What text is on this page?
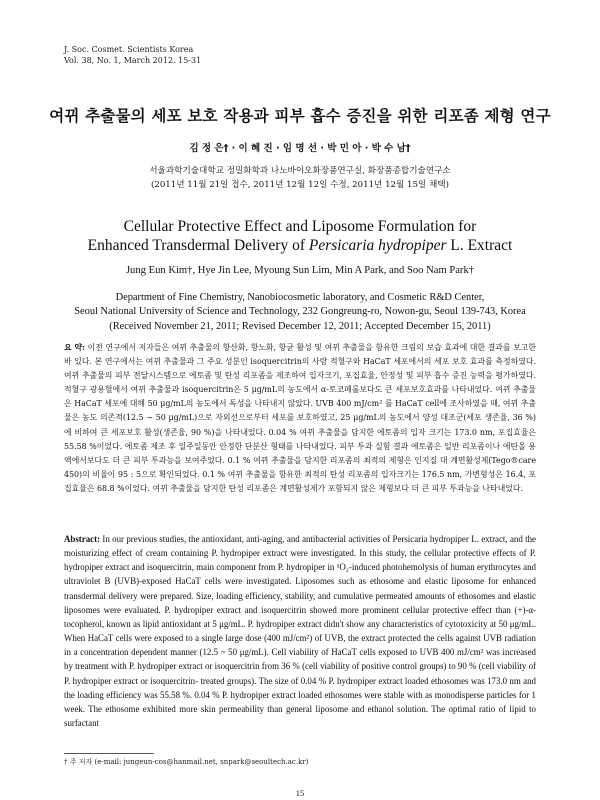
J. Soc. Cosmet. Scientists Korea
Vol. 38, No. 1, March 2012. 15-31
여뀌 추출물의 세포 보호 작용과 피부 흡수 증진을 위한 리포좀 제형 연구
김 정 은† · 이 혜 진 · 임 명 선 · 박 민 아 · 박 수 남†
서울과학기술대학교 정밀화학과 나노바이오화장품연구실, 화장품종합기술연구소
(2011년 11월 21일 접수, 2011년 12월 12일 수정, 2011년 12월 15일 채택)
Cellular Protective Effect and Liposome Formulation for
Enhanced Transdermal Delivery of Persicaria hydropiper L. Extract
Jung Eun Kim†, Hye Jin Lee, Myoung Sun Lim, Min A Park, and Soo Nam Park†
Department of Fine Chemistry, Nanobiocosmetic laboratory, and Cosmetic R&D Center,
Seoul National University of Science and Technology, 232 Gongreung-ro, Nowon-gu, Seoul 139-743, Korea
(Received November 21, 2011; Revised December 12, 2011; Accepted December 15, 2011)
요 약: 이전 연구에서 저자들은 여뀌 추출물의 항산화, 항노화, 항균 활성 및 여뀌 추출물을 함유한 크림의 보습 효과에 대한 결과를 보고한 바 있다. 본 연구에서는 여뀌 추출물과 그 주요 성분인 isoquercitrin의 사람 적혈구와 HaCaT 세포에서의 세포 보호 효과를 측정하였다. 여뀌 추출물의 피부 전달시스템으로 에토좀 및 탄성 리포좀을 제조하여 입자크기, 포집효율, 안정성 및 피부 흡수 증진 능력을 평가하였다. 적혈구 광용혈에서 여뀌 추출물과 isoquercitrin은 5 μg/mL의 농도에서 α-토코페롤보다도 큰 세포보호효과를 나타내었다. 여뀌 추출물은 HaCaT 세포에 대해 50 μg/mL의 농도에서 독성을 나타내지 않았다. UVB 400 mJ/cm² 를 HaCaT cell에 조사하였을 때, 여뀌 추출물은 농도 의존적(12.5 ~ 50 μg/mL)으로 자외선으로부터 세포를 보호하였고, 25 μg/mL의 농도에서 양성 대조군(세포 생존율, 36 %)에 비하여 큰 세포보호 활성(생존율, 90 %)을 나타내었다. 0.04 % 여뀌 추출물을 담지한 에토좀의 입자 크기는 173.0 nm, 포집효율은 55.58 %이었다. 에토좀 제조 후 일주일동안 안정한 단분산 형태를 나타내었다. 피부 투과 실험 결과 에토좀은 일반 리포좀이나 에탄올 용액에서보다도 더 큰 피부 투과능을 보여주었다. 0.1 % 여뀌 추출물을 담지한 리포좀의 최적의 제형은 인지질 대 계면활성제(Tego®care 450)의 비율이 95 : 5으로 확인되었다. 0.1 % 여뀌 추출물을 함유한 최적의 탄성 리포좀의 입자크기는 176.5 nm, 가변형성은 16.4, 포집효율은 68.8 %이었다. 여뀌 추출물을 담지한 탄성 리포좀은 계면활성제가 포함되지 않은 제형보다 더 큰 피부 투과능을 나타내었다.
Abstract: In our previous studies, the antioxidant, anti-aging, and antibacterial activities of Persicaria hydropiper L. extract, and the moisturizing effect of cream containing P. hydropiper extract were investigated. In this study, the cellular protective effects of P. hydropiper extract and isoquercitrin, main component from P. hydropiper in ¹O₂-induced photohemolysis of human erythrocytes and ultraviolet B (UVB)-exposed HaCaT cells were investigated. Liposomes such as ethosome and elastic liposome for enhanced transdermal delivery were prepared. Size, loading efficiency, stability, and cumulative permeated amounts of ethosomes and elastic liposomes were evaluated. P. hydropiper extract and isoquercitrin showed more prominent cellular protective effect than (+)-α-tocopherol, known as lipid antioxidant at 5 μg/mL. P. hydropiper extract didn't show any characteristics of cytotoxicity at 50 μg/mL. When HaCaT cells were exposed to a single large dose (400 mJ/cm²) of UVB, the extract protected the cells against UVB radiation in a concentration dependent manner (12.5 ~ 50 μg/mL). Cell viability of HaCaT cells exposed to UVB 400 mJ/cm² was increased by treatment with P. hydropiper extract or isoquercitrin from 36 % (cell viability of positive control groups) to 90 % (cell viability of P. hydropiper extract or isoquercitrin- treated groups). The size of 0.04 % P. hydropiper extract loaded ethosomes was 173.0 nm and the loading efficiency was 55.58 %. 0.04 % P. hydropiper extract loaded ethosomes were stable with as monodisperse particles for 1 week. The ethosome exhibited more skin permeability than general liposome and ethanol solution. The optimal ratio of lipid to surfactant
† 주 저자 (e-mail: jungeun-cos@hanmail.net, snpark@seoultech.ac.kr)
15
